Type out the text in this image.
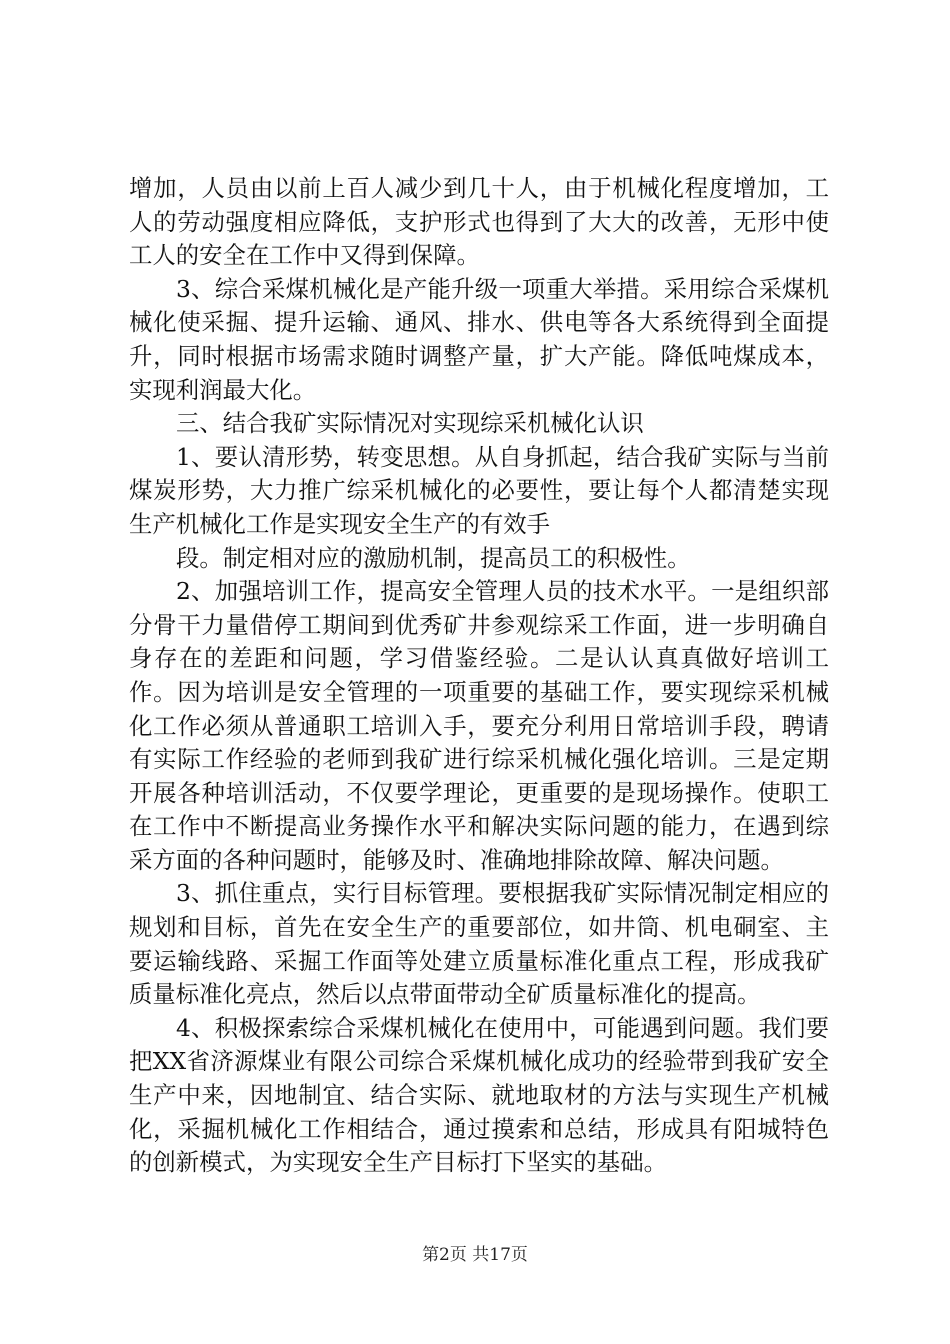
增加，人员由以前上百人减少到几十人，由于机械化程度增加，工人的劳动强度相应降低，支护形式也得到了大大的改善，无形中使工人的安全在工作中又得到保障。

3、综合采煤机械化是产能升级一项重大举措。采用综合采煤机械化使采掘、提升运输、通风、排水、供电等各大系统得到全面提升，同时根据市场需求随时调整产量，扩大产能。降低吨煤成本，实现利润最大化。

三、结合我矿实际情况对实现综采机械化认识

1、要认清形势，转变思想。从自身抓起，结合我矿实际与当前煤炭形势，大力推广综采机械化的必要性，要让每个人都清楚实现生产机械化工作是实现安全生产的有效手

段。制定相对应的激励机制，提高员工的积极性。

2、加强培训工作，提高安全管理人员的技术水平。一是组织部分骨干力量借停工期间到优秀矿井参观综采工作面，进一步明确自身存在的差距和问题，学习借鉴经验。二是认认真真做好培训工作。因为培训是安全管理的一项重要的基础工作，要实现综采机械化工作必须从普通职工培训入手，要充分利用日常培训手段，聘请有实际工作经验的老师到我矿进行综采机械化强化培训。三是定期开展各种培训活动，不仅要学理论，更重要的是现场操作。使职工在工作中不断提高业务操作水平和解决实际问题的能力，在遇到综采方面的各种问题时，能够及时、准确地排除故障、解决问题。

3、抓住重点，实行目标管理。要根据我矿实际情况制定相应的规划和目标，首先在安全生产的重要部位，如井筒、机电硐室、主要运输线路、采掘工作面等处建立质量标准化重点工程，形成我矿质量标准化亮点，然后以点带面带动全矿质量标准化的提高。

4、积极探索综合采煤机械化在使用中，可能遇到问题。我们要把XX省济源煤业有限公司综合采煤机械化成功的经验带到我矿安全生产中来，因地制宜、结合实际、就地取材的方法与实现生产机械化，采掘机械化工作相结合，通过摸索和总结，形成具有阳城特色的创新模式，为实现安全生产目标打下坚实的基础。

第2页 共17页
